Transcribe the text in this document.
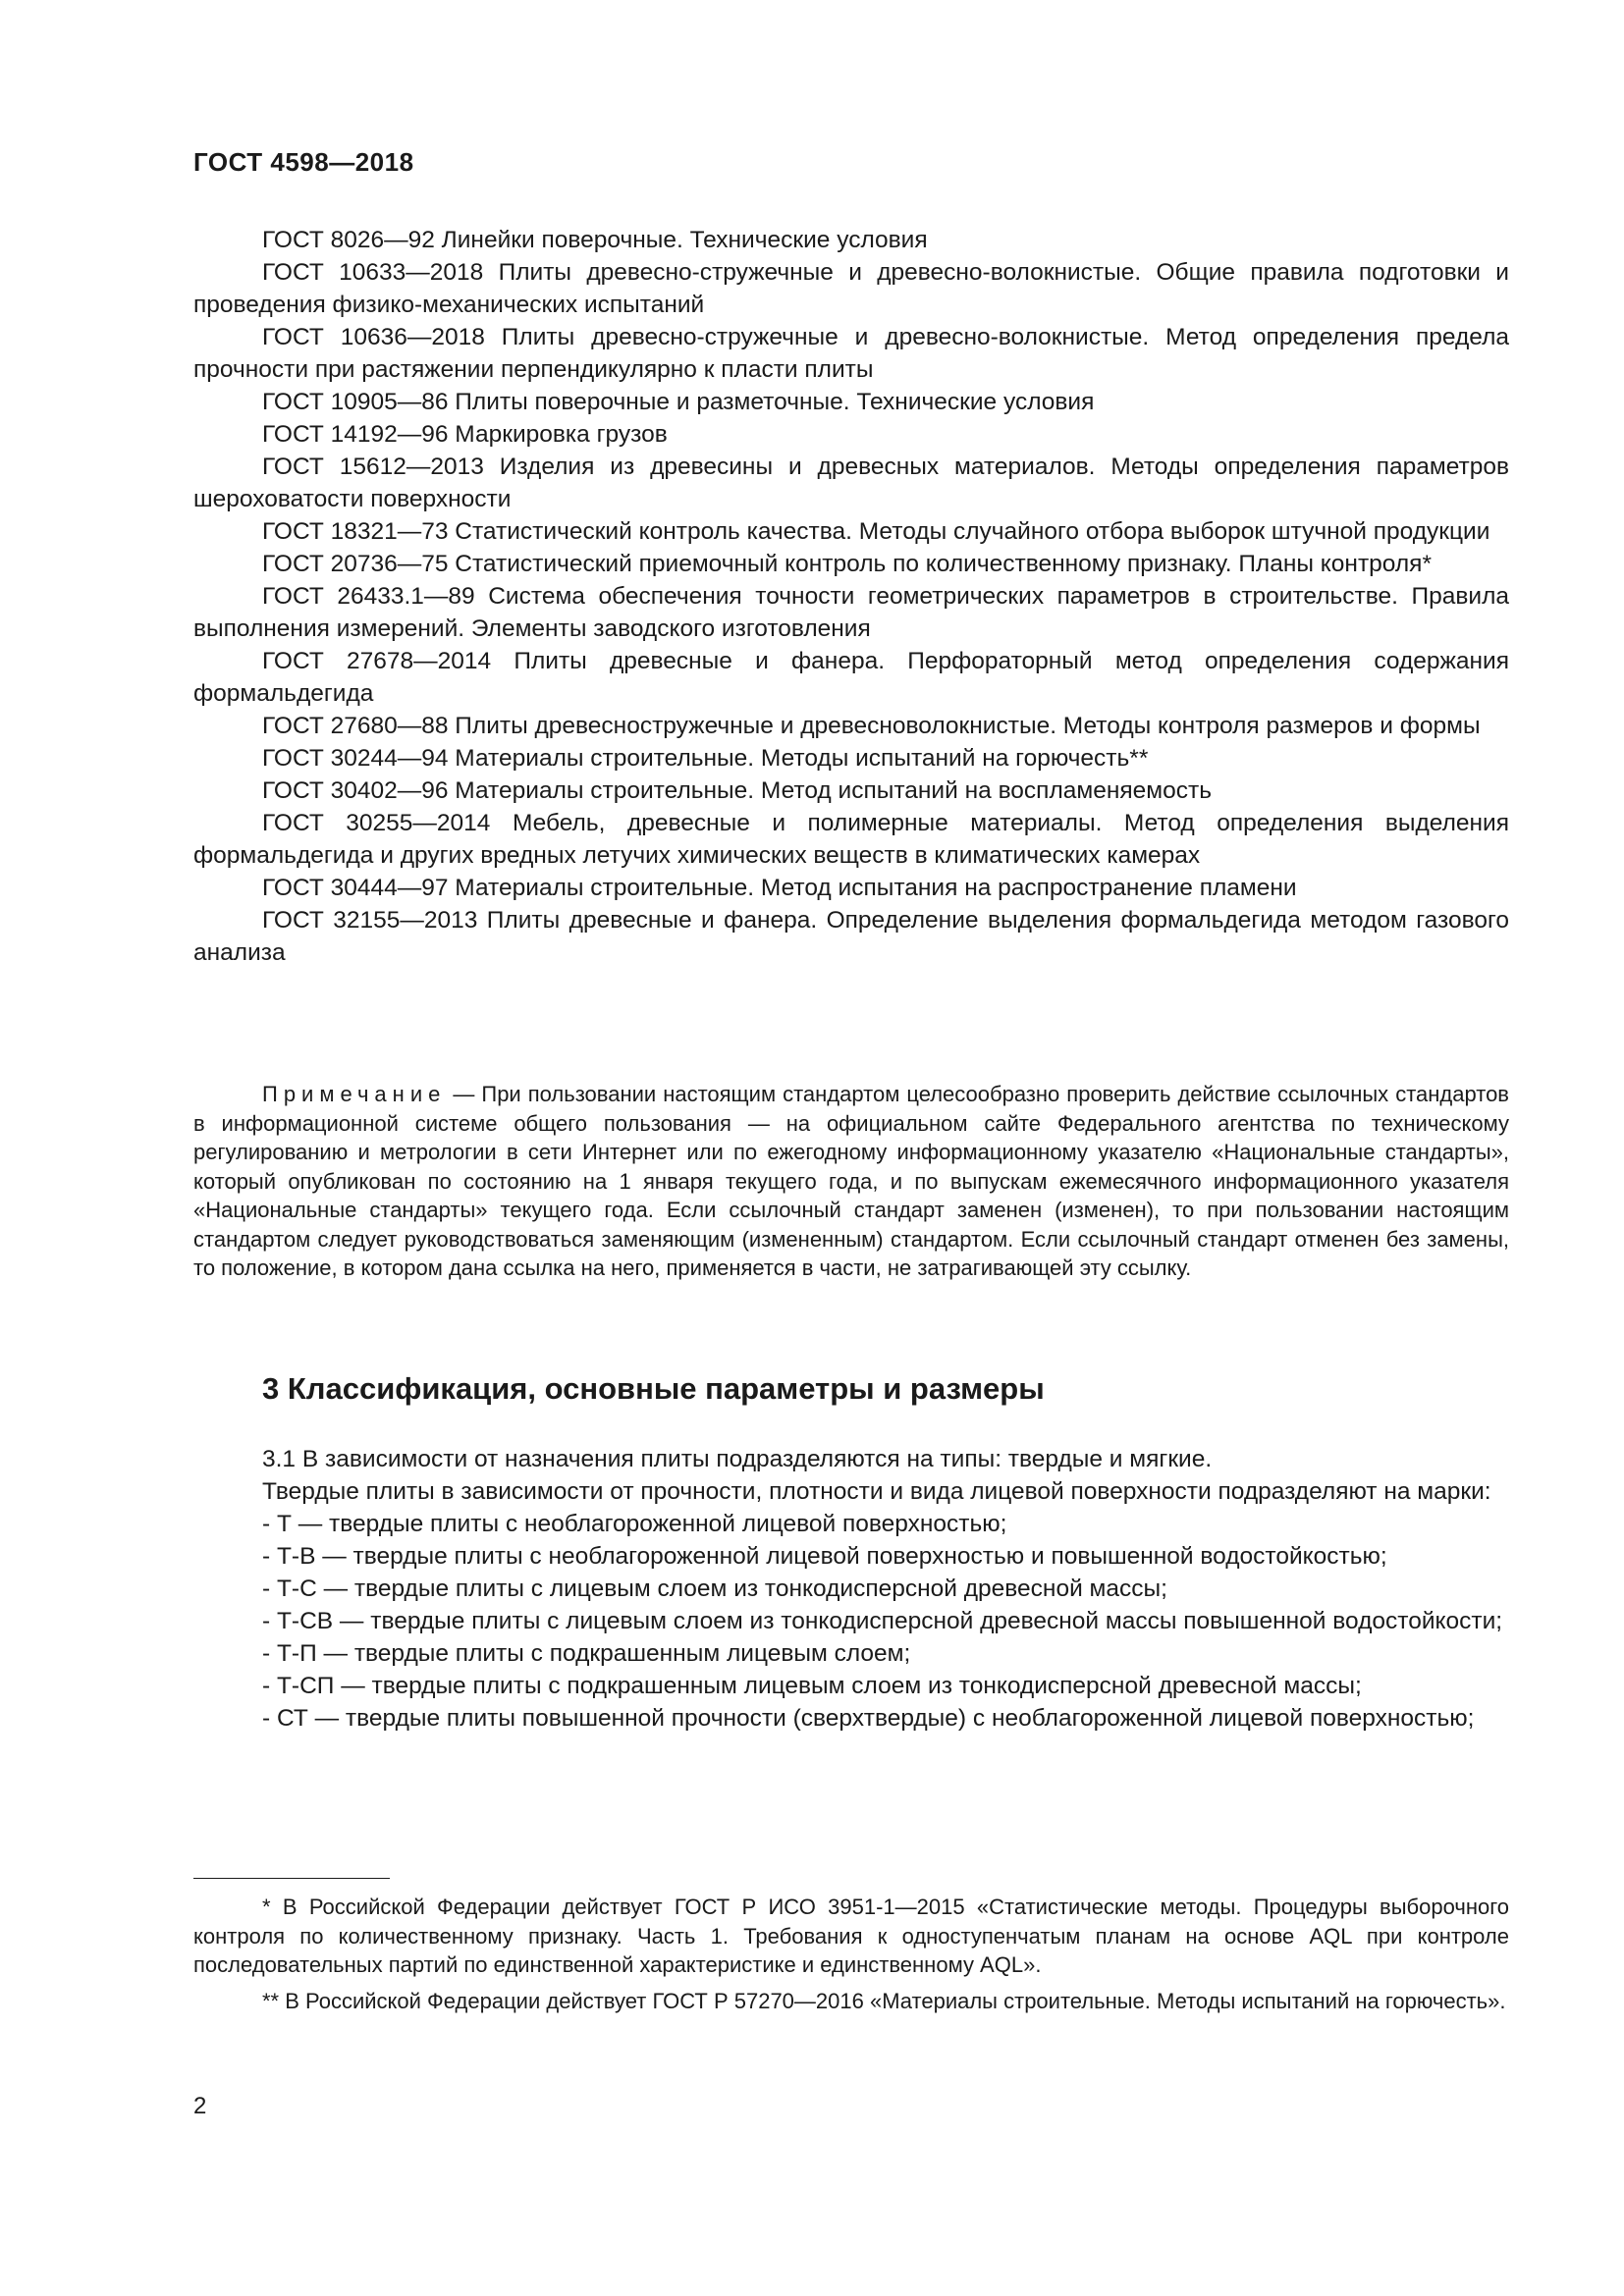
ГОСТ 4598—2018

ГОСТ 8026—92 Линейки поверочные. Технические условия

ГОСТ 10633—2018 Плиты древесно-стружечные и древесно-волокнистые. Общие правила подготовки и проведения физико-механических испытаний

ГОСТ 10636—2018 Плиты древесно-стружечные и древесно-волокнистые. Метод определения предела прочности при растяжении перпендикулярно к пласти плиты

ГОСТ 10905—86 Плиты поверочные и разметочные. Технические условия

ГОСТ 14192—96 Маркировка грузов

ГОСТ 15612—2013 Изделия из древесины и древесных материалов. Методы определения параметров шероховатости поверхности

ГОСТ 18321—73 Статистический контроль качества. Методы случайного отбора выборок штучной продукции

ГОСТ 20736—75 Статистический приемочный контроль по количественному признаку. Планы контроля*

ГОСТ 26433.1—89 Система обеспечения точности геометрических параметров в строительстве. Правила выполнения измерений. Элементы заводского изготовления

ГОСТ 27678—2014 Плиты древесные и фанера. Перфораторный метод определения содержания формальдегида

ГОСТ 27680—88 Плиты древесностружечные и древесноволокнистые. Методы контроля размеров и формы

ГОСТ 30244—94 Материалы строительные. Методы испытаний на горючесть**

ГОСТ 30402—96 Материалы строительные. Метод испытаний на воспламеняемость

ГОСТ 30255—2014 Мебель, древесные и полимерные материалы. Метод определения выделения формальдегида и других вредных летучих химических веществ в климатических камерах

ГОСТ 30444—97 Материалы строительные. Метод испытания на распространение пламени

ГОСТ 32155—2013 Плиты древесные и фанера. Определение выделения формальдегида методом газового анализа

Примечание — При пользовании настоящим стандартом целесообразно проверить действие ссылочных стандартов в информационной системе общего пользования — на официальном сайте Федерального агентства по техническому регулированию и метрологии в сети Интернет или по ежегодному информационному указателю «Национальные стандарты», который опубликован по состоянию на 1 января текущего года, и по выпускам ежемесячного информационного указателя «Национальные стандарты» текущего года. Если ссылочный стандарт заменен (изменен), то при пользовании настоящим стандартом следует руководствоваться заменяющим (измененным) стандартом. Если ссылочный стандарт отменен без замены, то положение, в котором дана ссылка на него, применяется в части, не затрагивающей эту ссылку.

3 Классификация, основные параметры и размеры

3.1 В зависимости от назначения плиты подразделяются на типы: твердые и мягкие.

Твердые плиты в зависимости от прочности, плотности и вида лицевой поверхности подразделяют на марки:

- Т — твердые плиты с необлагороженной лицевой поверхностью;

- Т-В — твердые плиты с необлагороженной лицевой поверхностью и повышенной водостойкостью;

- Т-С — твердые плиты с лицевым слоем из тонкодисперсной древесной массы;

- Т-СВ — твердые плиты с лицевым слоем из тонкодисперсной древесной массы повышенной водостойкости;

- Т-П — твердые плиты с подкрашенным лицевым слоем;

- Т-СП — твердые плиты с подкрашенным лицевым слоем из тонкодисперсной древесной массы;

- СТ — твердые плиты повышенной прочности (сверхтвердые) с необлагороженной лицевой поверхностью;

* В Российской Федерации действует ГОСТ Р ИСО 3951-1—2015 «Статистические методы. Процедуры выборочного контроля по количественному признаку. Часть 1. Требования к одноступенчатым планам на основе AQL при контроле последовательных партий по единственной характеристике и единственному AQL».

** В Российской Федерации действует ГОСТ Р 57270—2016 «Материалы строительные. Методы испытаний на горючесть».

2
